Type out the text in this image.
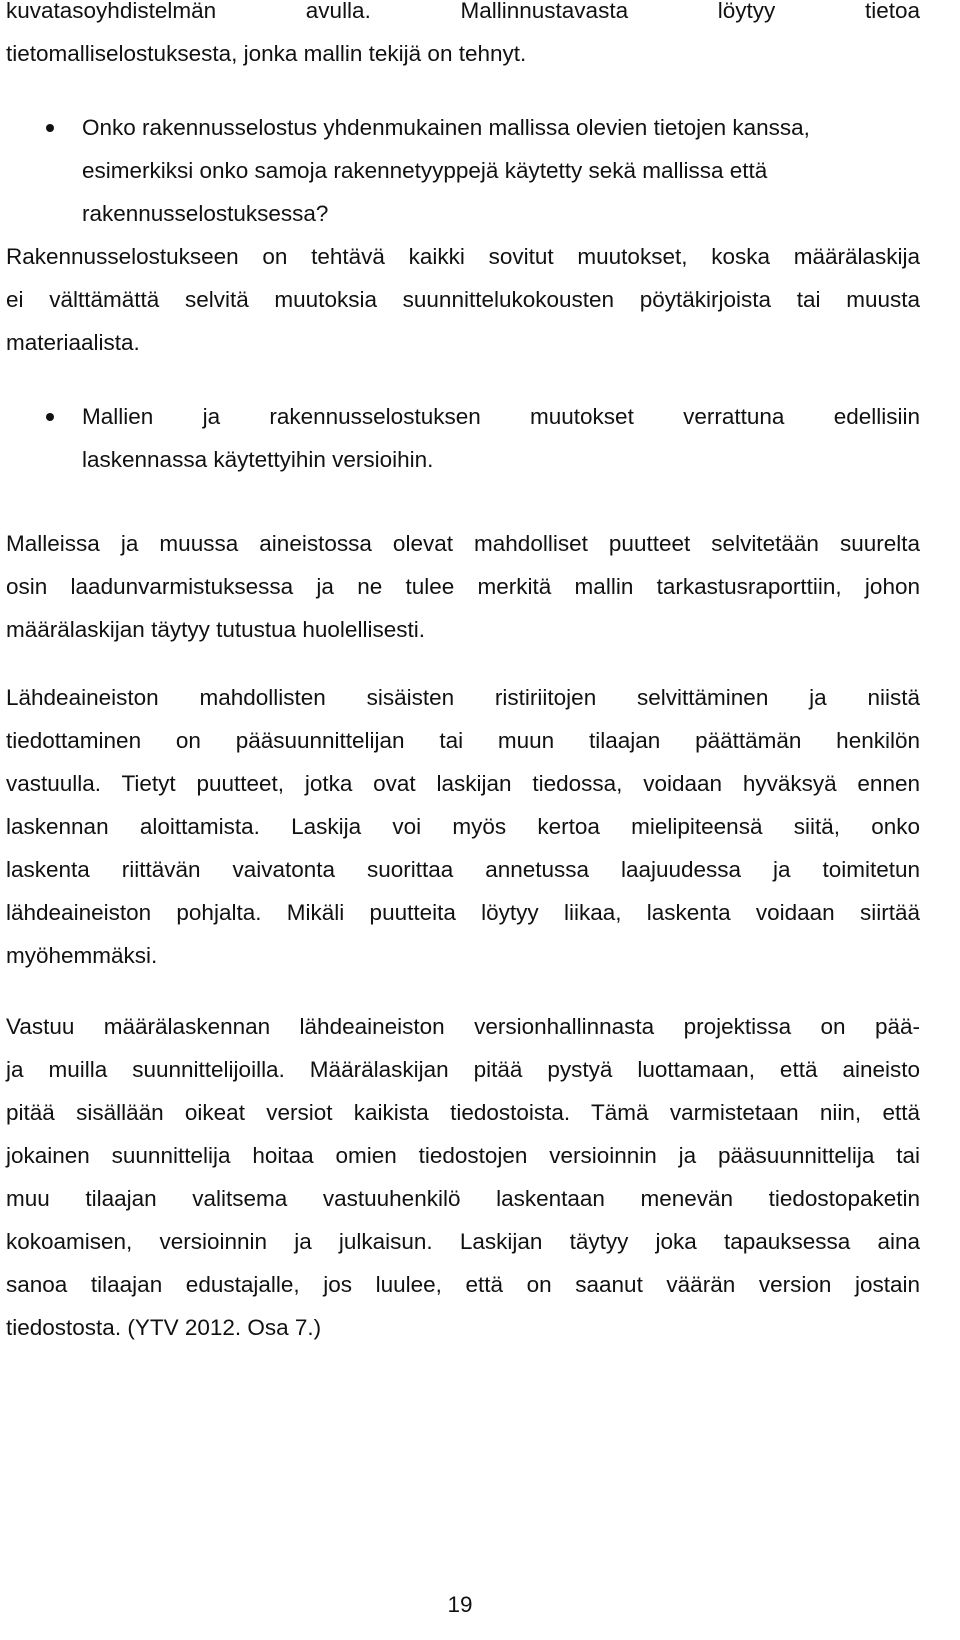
kuvatasoyhdistelmän avulla. Mallinnustavasta löytyy tietoa
tietomalliselostuksesta, jonka mallin tekijä on tehnyt.
Onko rakennusselostus yhdenmukainen mallissa olevien tietojen kanssa,
esimerkiksi onko samoja rakennetyyppejä käytetty sekä mallissa että
rakennusselostuksessa?
Rakennusselostukseen on tehtävä kaikki sovitut muutokset, koska määrälaskija
ei välttämättä selvitä muutoksia suunnittelukokousten pöytäkirjoista tai muusta
materiaalista.
Mallien ja rakennusselostuksen muutokset verrattuna edellisiin
laskennassa käytettyihin versioihin.
Malleissa ja muussa aineistossa olevat mahdolliset puutteet selvitetään suurelta
osin laadunvarmistuksessa ja ne tulee merkitä mallin tarkastusraporttiin, johon
määrälaskijan täytyy tutustua huolellisesti.
Lähdeaineiston mahdollisten sisäisten ristiriitojen selvittäminen ja niistä
tiedottaminen on pääsuunnittelijan tai muun tilaajan päättämän henkilön
vastuulla. Tietyt puutteet, jotka ovat laskijan tiedossa, voidaan hyväksyä ennen
laskennan aloittamista. Laskija voi myös kertoa mielipiteensä siitä, onko
laskenta riittävän vaivatonta suorittaa annetussa laajuudessa ja toimitetun
lähdeaineiston pohjalta. Mikäli puutteita löytyy liikaa, laskenta voidaan siirtää
myöhemmäksi.
Vastuu määrälaskennan lähdeaineiston versionhallinnasta projektissa on pää-
ja muilla suunnittelijoilla. Määrälaskijan pitää pystyä luottamaan, että aineisto
pitää sisällään oikeat versiot kaikista tiedostoista. Tämä varmistetaan niin, että
jokainen suunnittelija hoitaa omien tiedostojen versioinnin ja pääsuunnittelija tai
muu tilaajan valitsema vastuuhenkilö laskentaan menevän tiedostopaketin
kokoamisen, versioinnin ja julkaisun. Laskijan täytyy joka tapauksessa aina
sanoa tilaajan edustajalle, jos luulee, että on saanut väärän version jostain
tiedostosta. (YTV 2012. Osa 7.)
19
